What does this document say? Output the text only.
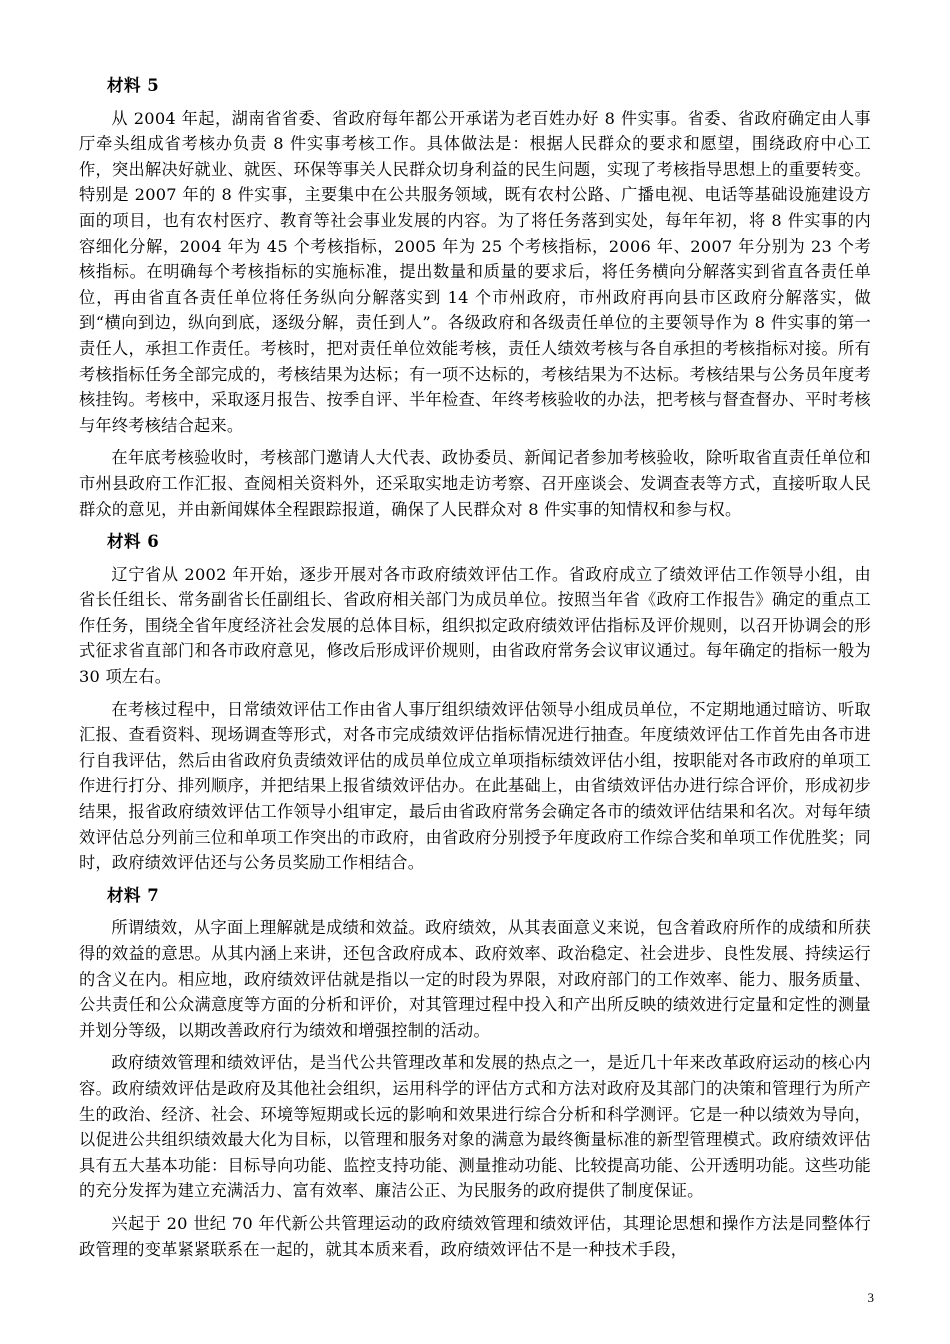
材料 5

从 2004 年起，湖南省省委、省政府每年都公开承诺为老百姓办好 8 件实事。省委、省政府确定由人事厅牵头组成省考核办负责 8 件实事考核工作。具体做法是：根据人民群众的要求和愿望，围绕政府中心工作，突出解决好就业、就医、环保等事关人民群众切身利益的民生问题，实现了考核指导思想上的重要转变。特别是 2007 年的 8 件实事，主要集中在公共服务领域，既有农村公路、广播电视、电话等基础设施建设方面的项目，也有农村医疗、教育等社会事业发展的内容。为了将任务落到实处，每年年初，将 8 件实事的内容细化分解，2004 年为 45 个考核指标，2005 年为 25 个考核指标，2006 年、2007 年分别为 23 个考核指标。在明确每个考核指标的实施标准，提出数量和质量的要求后，将任务横向分解落实到省直各责任单位，再由省直各责任单位将任务纵向分解落实到 14 个市州政府，市州政府再向县市区政府分解落实，做到“横向到边，纵向到底，逐级分解，责任到人”。各级政府和各级责任单位的主要领导作为 8 件实事的第一责任人，承担工作责任。考核时，把对责任单位效能考核，责任人绩效考核与各自承担的考核指标对接。所有考核指标任务全部完成的，考核结果为达标；有一项不达标的，考核结果为不达标。考核结果与公务员年度考核挂钩。考核中，采取逐月报告、按季自评、半年检查、年终考核验收的办法，把考核与督查督办、平时考核与年终考核结合起来。

在年底考核验收时，考核部门邀请人大代表、政协委员、新闻记者参加考核验收，除听取省直责任单位和市州县政府工作汇报、查阅相关资料外，还采取实地走访考察、召开座谈会、发调查表等方式，直接听取人民群众的意见，并由新闻媒体全程跟踪报道，确保了人民群众对 8 件实事的知情权和参与权。

材料 6

辽宁省从 2002 年开始，逐步开展对各市政府绩效评估工作。省政府成立了绩效评估工作领导小组，由省长任组长、常务副省长任副组长、省政府相关部门为成员单位。按照当年省《政府工作报告》确定的重点工作任务，围绕全省年度经济社会发展的总体目标，组织拟定政府绩效评估指标及评价规则，以召开协调会的形式征求省直部门和各市政府意见，修改后形成评价规则，由省政府常务会议审议通过。每年确定的指标一般为 30 项左右。

在考核过程中，日常绩效评估工作由省人事厅组织绩效评估领导小组成员单位，不定期地通过暗访、听取汇报、查看资料、现场调查等形式，对各市完成绩效评估指标情况进行抽查。年度绩效评估工作首先由各市进行自我评估，然后由省政府负责绩效评估的成员单位成立单项指标绩效评估小组，按职能对各市政府的单项工作进行打分、排列顺序，并把结果上报省绩效评估办。在此基础上，由省绩效评估办进行综合评价，形成初步结果，报省政府绩效评估工作领导小组审定，最后由省政府常务会确定各市的绩效评估结果和名次。对每年绩效评估总分列前三位和单项工作突出的市政府，由省政府分别授予年度政府工作综合奖和单项工作优胜奖；同时，政府绩效评估还与公务员奖励工作相结合。

材料 7

所谓绩效，从字面上理解就是成绩和效益。政府绩效，从其表面意义来说，包含着政府所作的成绩和所获得的效益的意思。从其内涵上来讲，还包含政府成本、政府效率、政治稳定、社会进步、良性发展、持续运行的含义在内。相应地，政府绩效评估就是指以一定的时段为界限，对政府部门的工作效率、能力、服务质量、公共责任和公众满意度等方面的分析和评价，对其管理过程中投入和产出所反映的绩效进行定量和定性的测量并划分等级，以期改善政府行为绩效和增强控制的活动。

政府绩效管理和绩效评估，是当代公共管理改革和发展的热点之一，是近几十年来改革政府运动的核心内容。政府绩效评估是政府及其他社会组织，运用科学的评估方式和方法对政府及其部门的决策和管理行为所产生的政治、经济、社会、环境等短期或长远的影响和效果进行综合分析和科学测评。它是一种以绩效为导向，以促进公共组织绩效最大化为目标，以管理和服务对象的满意为最终衡量标准的新型管理模式。政府绩效评估具有五大基本功能：目标导向功能、监控支持功能、测量推动功能、比较提高功能、公开透明功能。这些功能的充分发挥为建立充满活力、富有效率、廉洁公正、为民服务的政府提供了制度保证。

兴起于 20 世纪 70 年代新公共管理运动的政府绩效管理和绩效评估，其理论思想和操作方法是同整体行政管理的变革紧紧联系在一起的，就其本质来看，政府绩效评估不是一种技术手段，

3
